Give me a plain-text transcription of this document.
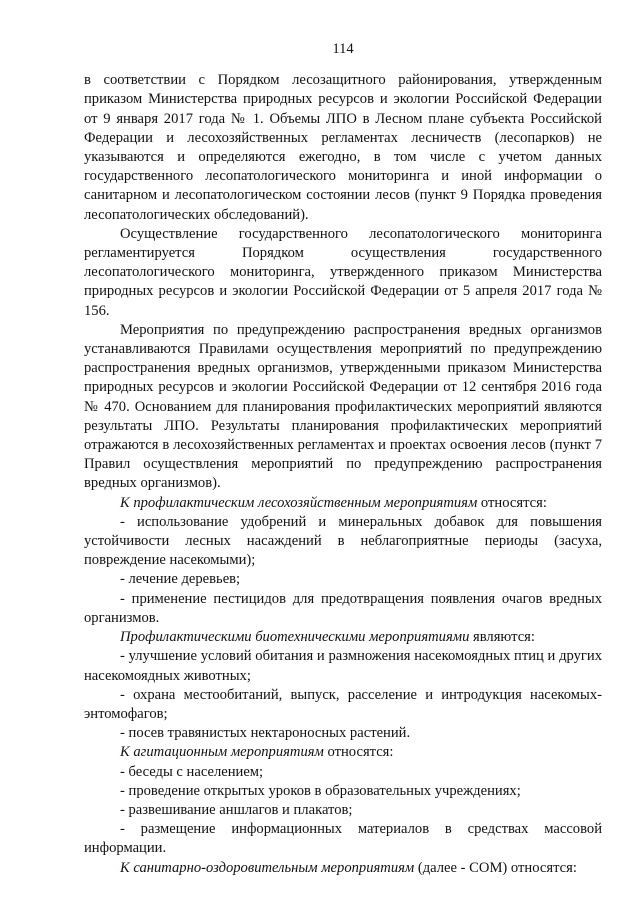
114

в соответствии с Порядком лесозащитного районирования, утвержденным приказом Министерства природных ресурсов и экологии Российской Федерации от 9 января 2017 года № 1. Объемы ЛПО в Лесном плане субъекта Российской Федерации и лесохозяйственных регламентах лесничеств (лесопарков) не указываются и определяются ежегодно, в том числе с учетом данных государственного лесопатологического мониторинга и иной информации о санитарном и лесопатологическом состоянии лесов (пункт 9 Порядка проведения лесопатологических обследований).

Осуществление государственного лесопатологического мониторинга регламентируется Порядком осуществления государственного лесопатологического мониторинга, утвержденного приказом Министерства природных ресурсов и экологии Российской Федерации от 5 апреля 2017 года № 156.

Мероприятия по предупреждению распространения вредных организмов устанавливаются Правилами осуществления мероприятий по предупреждению распространения вредных организмов, утвержденными приказом Министерства природных ресурсов и экологии Российской Федерации от 12 сентября 2016 года № 470. Основанием для планирования профилактических мероприятий являются результаты ЛПО. Результаты планирования профилактических мероприятий отражаются в лесохозяйственных регламентах и проектах освоения лесов (пункт 7 Правил осуществления мероприятий по предупреждению распространения вредных организмов).

К профилактическим лесохозяйственным мероприятиям относятся:

- использование удобрений и минеральных добавок для повышения устойчивости лесных насаждений в неблагоприятные периоды (засуха, повреждение насекомыми);

- лечение деревьев;

- применение пестицидов для предотвращения появления очагов вредных организмов.

Профилактическими биотехническими мероприятиями являются:

- улучшение условий обитания и размножения насекомоядных птиц и других насекомоядных животных;

- охрана местообитаний, выпуск, расселение и интродукция насекомых-энтомофагов;

- посев травянистых нектароносных растений.

К агитационным мероприятиям относятся:

- беседы с населением;

- проведение открытых уроков в образовательных учреждениях;

- развешивание аншлагов и плакатов;

- размещение информационных материалов в средствах массовой информации.

К санитарно-оздоровительным мероприятиям (далее - СОМ) относятся:
